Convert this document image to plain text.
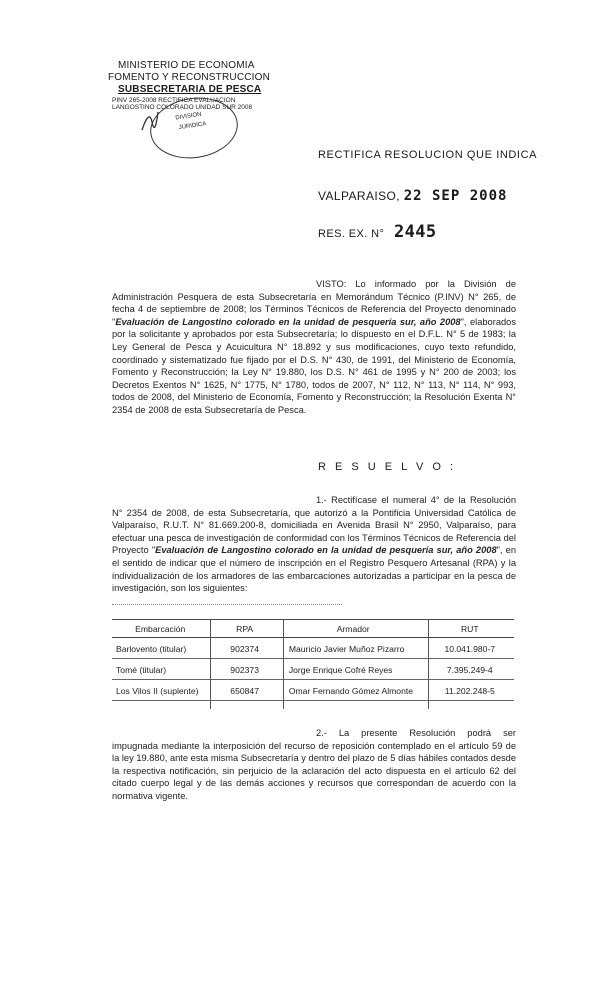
MINISTERIO DE ECONOMIA
FOMENTO Y RECONSTRUCCION
SUBSECRETARIA DE PESCA
PINV 265-2008 RECTIFICA EVALUACION
LANGOSTINO COLORADO UNIDAD SUR 2008
DIVISION
JURIDICA
RECTIFICA RESOLUCION QUE INDICA
VALPARAISO, 22 SEP 2008
RES. EX. N° 2445
VISTO: Lo informado por la División de Administración Pesquera de esta Subsecretaría en Memorándum Técnico (P.INV) N° 265, de fecha 4 de septiembre de 2008; los Términos Técnicos de Referencia del Proyecto denominado "Evaluación de Langostino colorado en la unidad de pesquería sur, año 2008", elaborados por la solicitante y aprobados por esta Subsecretaría; lo dispuesto en el D.F.L. N° 5 de 1983; la Ley General de Pesca y Acuicultura N° 18.892 y sus modificaciones, cuyo texto refundido, coordinado y sistematizado fue fijado por el D.S. N° 430, de 1991, del Ministerio de Economía, Fomento y Reconstrucción; la Ley N° 19.880, los D.S. N° 461 de 1995 y N° 200 de 2003; los Decretos Exentos N° 1625, N° 1775, N° 1780, todos de 2007, N° 112, N° 113, N° 114, N° 993, todos de 2008, del Ministerio de Economía, Fomento y Reconstrucción; la Resolución Exenta N° 2354 de 2008 de esta Subsecretaría de Pesca.
R E S U E L V O :
1.- Rectifícase el numeral 4° de la Resolución N° 2354 de 2008, de esta Subsecretaría, que autorizó a la Pontificia Universidad Católica de Valparaíso, R.U.T. N° 81.669.200-8, domiciliada en Avenida Brasil N° 2950, Valparaíso, para efectuar una pesca de investigación de conformidad con los Términos Técnicos de Referencia del Proyecto "Evaluación de Langostino colorado en la unidad de pesquería sur, año 2008", en el sentido de indicar que el número de inscripción en el Registro Pesquero Artesanal (RPA) y la individualización de los armadores de las embarcaciones autorizadas a participar en la pesca de investigación, son los siguientes:
Embarcación	RPA	Armador	RUT
Barlovento (titular)	902374	Mauricio Javier Muñoz Pizarro	10.041.980-7
Tomé (titular)	902373	Jorge Enrique Cofré Reyes	7.395.249-4
Los Vilos II (suplente)	650847	Omar Fernando Gómez Almonte	11.202.248-5
2.- La presente Resolución podrá ser impugnada mediante la interposición del recurso de reposición contemplado en el artículo 59 de la ley 19.880, ante esta misma Subsecretaría y dentro del plazo de 5 días hábiles contados desde la respectiva notificación, sin perjuicio de la aclaración del acto dispuesta en el artículo 62 del citado cuerpo legal y de las demás acciones y recursos que correspondan de acuerdo con la normativa vigente.
